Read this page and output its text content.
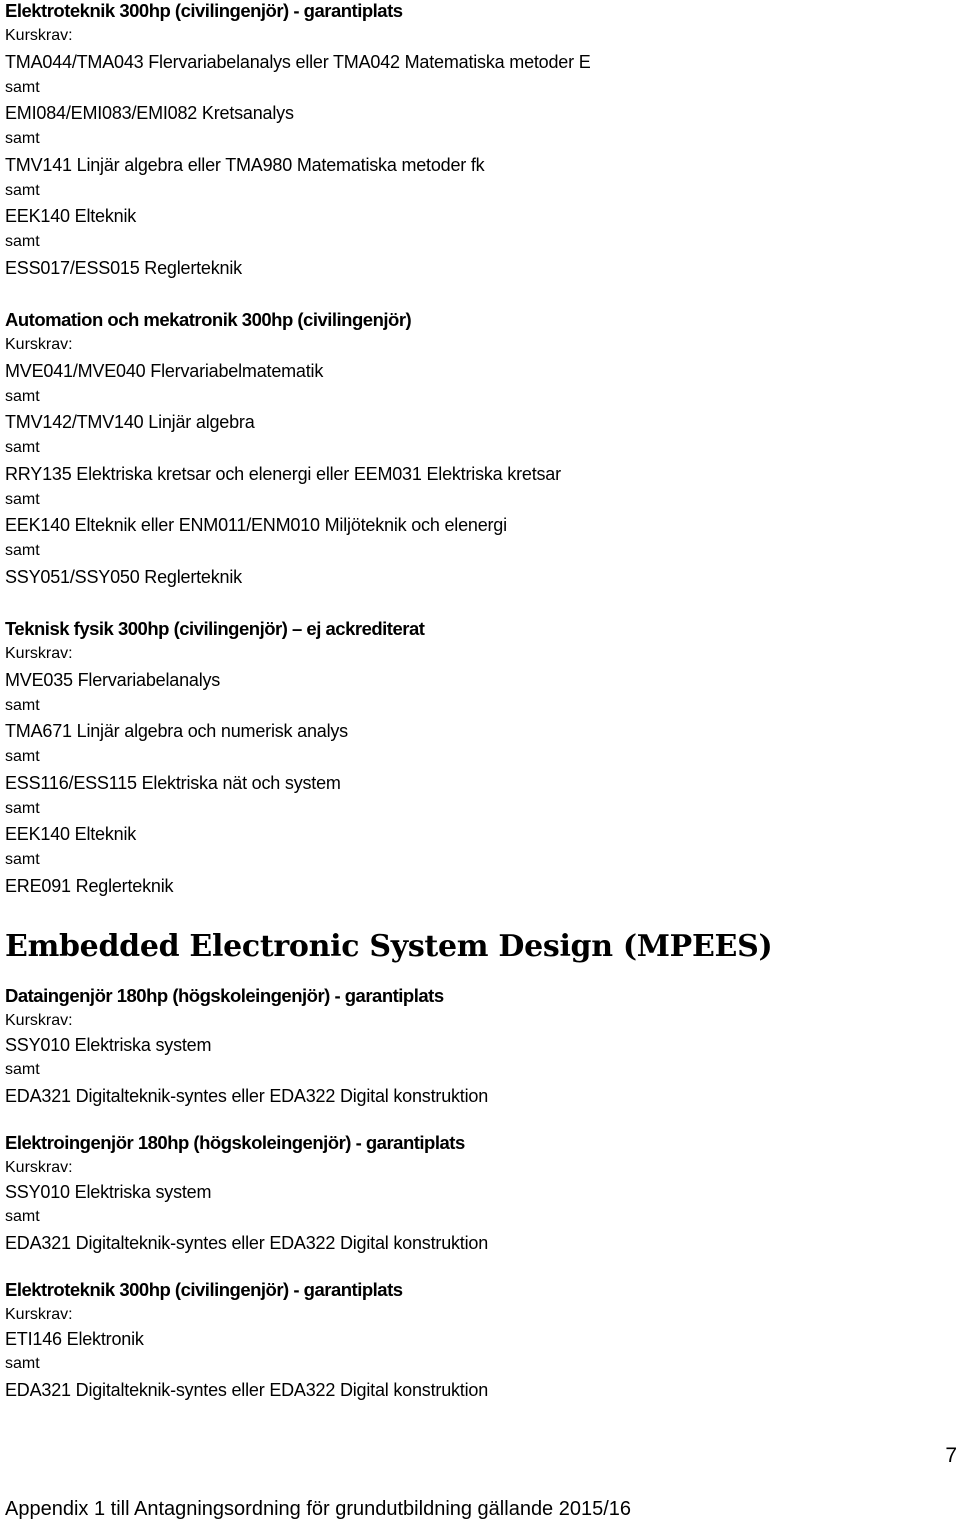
Elektroteknik 300hp (civilingenjör) - garantiplats
Kurskrav:
TMA044/TMA043 Flervariabelanalys eller TMA042 Matematiska metoder E
samt
EMI084/EMI083/EMI082 Kretsanalys
samt
TMV141 Linjär algebra eller TMA980 Matematiska metoder fk
samt
EEK140 Elteknik
samt
ESS017/ESS015 Reglerteknik
Automation och mekatronik 300hp (civilingenjör)
Kurskrav:
MVE041/MVE040 Flervariabelmatematik
samt
TMV142/TMV140 Linjär algebra
samt
RRY135 Elektriska kretsar och elenergi eller EEM031 Elektriska kretsar
samt
EEK140 Elteknik eller ENM011/ENM010 Miljöteknik och elenergi
samt
SSY051/SSY050 Reglerteknik
Teknisk fysik 300hp (civilingenjör) – ej ackrediterat
Kurskrav:
MVE035 Flervariabelanalys
samt
TMA671 Linjär algebra och numerisk analys
samt
ESS116/ESS115 Elektriska nät och system
samt
EEK140 Elteknik
samt
ERE091 Reglerteknik
Embedded Electronic System Design (MPEES)
Dataingenjör 180hp (högskoleingenjör) - garantiplats
Kurskrav:
SSY010 Elektriska system
samt
EDA321 Digitalteknik-syntes eller EDA322 Digital konstruktion
Elektroingenjör 180hp (högskoleingenjör) - garantiplats
Kurskrav:
SSY010 Elektriska system
samt
EDA321 Digitalteknik-syntes eller EDA322 Digital konstruktion
Elektroteknik 300hp (civilingenjör) - garantiplats
Kurskrav:
ETI146 Elektronik
samt
EDA321 Digitalteknik-syntes eller EDA322 Digital konstruktion
7
Appendix 1 till Antagningsordning för grundutbildning gällande 2015/16
